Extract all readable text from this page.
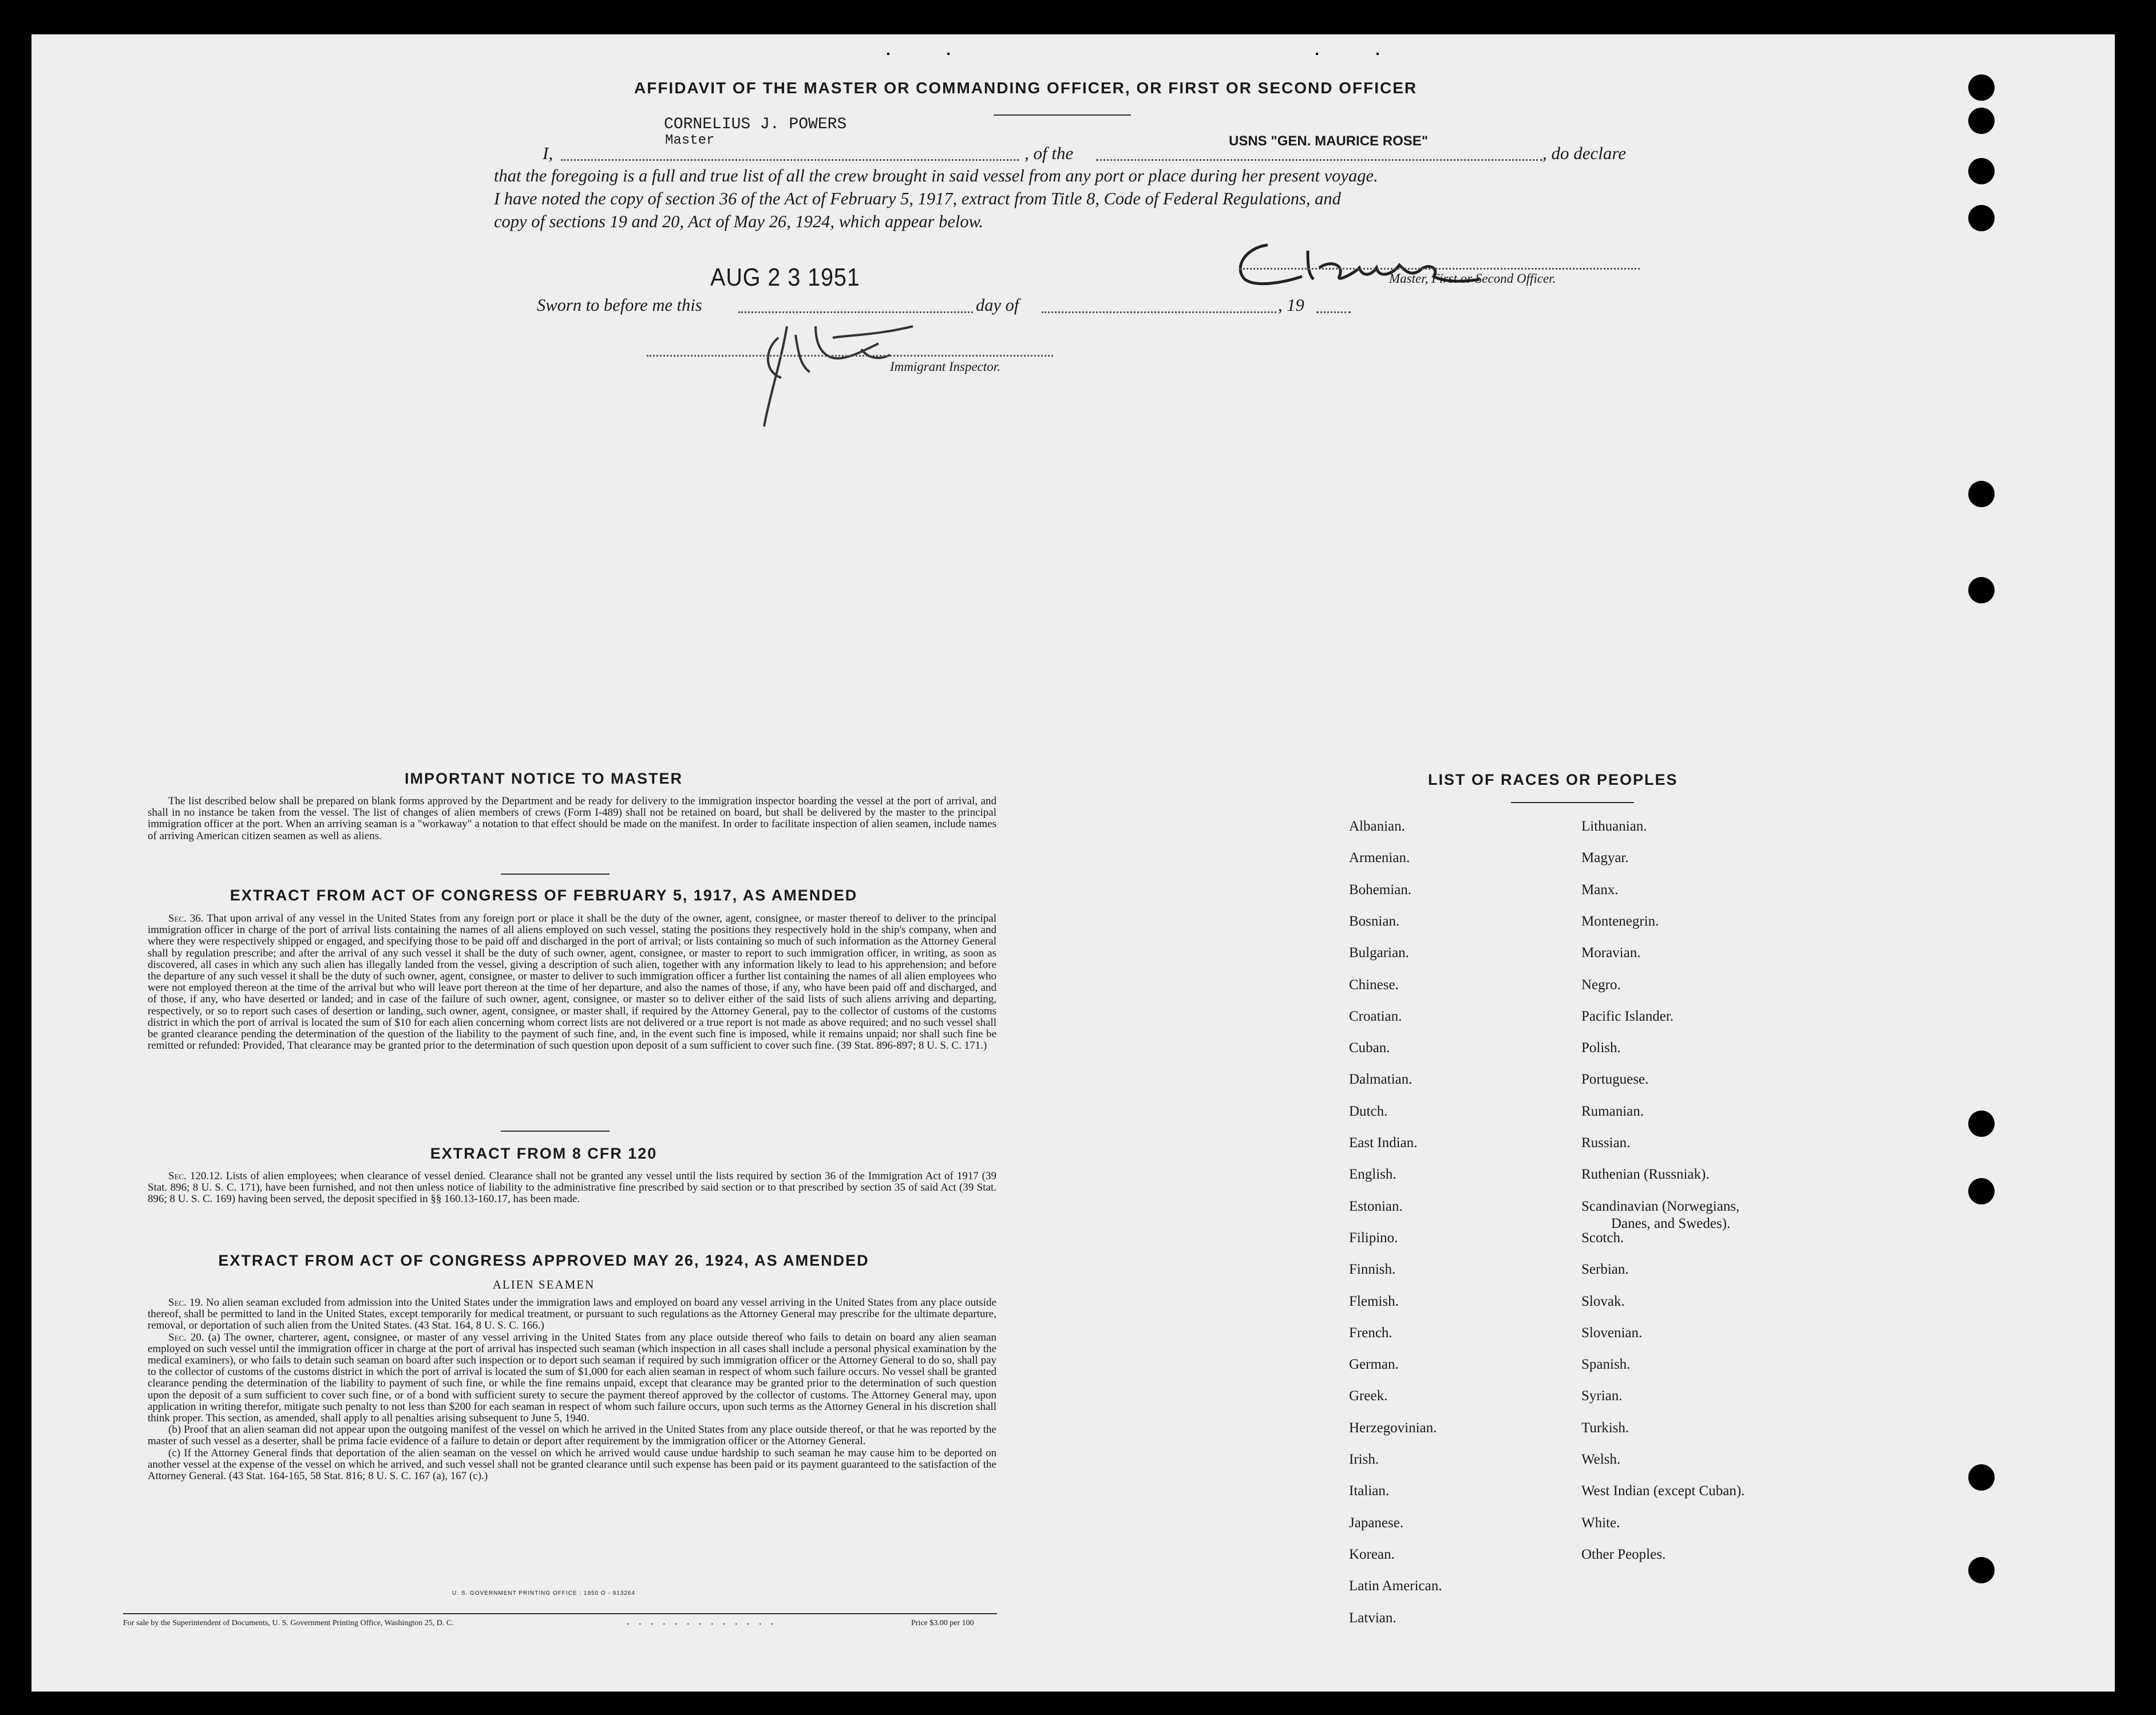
AFFIDAVIT OF THE MASTER OR COMMANDING OFFICER, OR FIRST OR SECOND OFFICER
CORNELIUS J. POWERS
Master	USNS "GEN. MAURICE ROSE"
I,	, of the	, do declare
that the foregoing is a full and true list of all the crew brought in said vessel from any port or place during her present voyage.
I have noted the copy of section 36 of the Act of February 5, 1917, extract from Title 8, Code of Federal Regulations, and
copy of sections 19 and 20, Act of May 26, 1924, which appear below.
Master, First or Second Officer.
AUG 2 3 1951
Sworn to before me this	day of	, 19
Immigrant Inspector.
IMPORTANT NOTICE TO MASTER

The list described below shall be prepared on blank forms approved by the Department and be ready for delivery to the immigration inspector boarding the vessel at the port of arrival, and shall in no instance be taken from the vessel. The list of changes of alien members of crews (Form I-489) shall not be retained on board, but shall be delivered by the master to the principal immigration officer at the port. When an arriving seaman is a "workaway" a notation to that effect should be made on the manifest. In order to facilitate inspection of alien seamen, include names of arriving American citizen seamen as well as aliens.

EXTRACT FROM ACT OF CONGRESS OF FEBRUARY 5, 1917, AS AMENDED

Sec. 36. That upon arrival of any vessel in the United States from any foreign port or place it shall be the duty of the owner, agent, consignee, or master thereof to deliver to the principal immigration officer in charge of the port of arrival lists containing the names of all aliens employed on such vessel, stating the positions they respectively hold in the ship's company, when and where they were respectively shipped or engaged, and specifying those to be paid off and discharged in the port of arrival; or lists containing so much of such information as the Attorney General shall by regulation prescribe; and after the arrival of any such vessel it shall be the duty of such owner, agent, consignee, or master to report to such immigration officer, in writing, as soon as discovered, all cases in which any such alien has illegally landed from the vessel, giving a description of such alien, together with any information likely to lead to his apprehension; and before the departure of any such vessel it shall be the duty of such owner, agent, consignee, or master to deliver to such immigration officer a further list containing the names of all alien employees who were not employed thereon at the time of the arrival but who will leave port thereon at the time of her departure, and also the names of those, if any, who have been paid off and discharged, and of those, if any, who have deserted or landed; and in case of the failure of such owner, agent, consignee, or master so to deliver either of the said lists of such aliens arriving and departing, respectively, or so to report such cases of desertion or landing, such owner, agent, consignee, or master shall, if required by the Attorney General, pay to the collector of customs of the customs district in which the port of arrival is located the sum of $10 for each alien concerning whom correct lists are not delivered or a true report is not made as above required; and no such vessel shall be granted clearance pending the determination of the question of the liability to the payment of such fine, and, in the event such fine is imposed, while it remains unpaid; nor shall such fine be remitted or refunded: Provided, That clearance may be granted prior to the determination of such question upon deposit of a sum sufficient to cover such fine. (39 Stat. 896-897; 8 U. S. C. 171.)

EXTRACT FROM 8 CFR 120

Sec. 120.12. Lists of alien employees; when clearance of vessel denied. Clearance shall not be granted any vessel until the lists required by section 36 of the Immigration Act of 1917 (39 Stat. 896; 8 U. S. C. 171), have been furnished, and not then unless notice of liability to the administrative fine prescribed by said section or to that prescribed by section 35 of said Act (39 Stat. 896; 8 U. S. C. 169) having been served, the deposit specified in §§ 160.13-160.17, has been made.

EXTRACT FROM ACT OF CONGRESS APPROVED MAY 26, 1924, AS AMENDED
ALIEN SEAMEN

Sec. 19. No alien seaman excluded from admission into the United States under the immigration laws and employed on board any vessel arriving in the United States from any place outside thereof, shall be permitted to land in the United States, except temporarily for medical treatment, or pursuant to such regulations as the Attorney General may prescribe for the ultimate departure, removal, or deportation of such alien from the United States. (43 Stat. 164, 8 U. S. C. 166.)

Sec. 20. (a) The owner, charterer, agent, consignee, or master of any vessel arriving in the United States from any place outside thereof who fails to detain on board any alien seaman employed on such vessel until the immigration officer in charge at the port of arrival has inspected such seaman (which inspection in all cases shall include a personal physical examination by the medical examiners), or who fails to detain such seaman on board after such inspection or to deport such seaman if required by such immigration officer or the Attorney General to do so, shall pay to the collector of customs of the customs district in which the port of arrival is located the sum of $1,000 for each alien seaman in respect of whom such failure occurs. No vessel shall be granted clearance pending the determination of the liability to payment of such fine, or while the fine remains unpaid, except that clearance may be granted prior to the determination of such question upon the deposit of a sum sufficient to cover such fine, or of a bond with sufficient surety to secure the payment thereof approved by the collector of customs. The Attorney General may, upon application in writing therefor, mitigate such penalty to not less than $200 for each seaman in respect of whom such failure occurs, upon such terms as the Attorney General in his discretion shall think proper. This section, as amended, shall apply to all penalties arising subsequent to June 5, 1940.

(b) Proof that an alien seaman did not appear upon the outgoing manifest of the vessel on which he arrived in the United States from any place outside thereof, or that he was reported by the master of such vessel as a deserter, shall be prima facie evidence of a failure to detain or deport after requirement by the immigration officer or the Attorney General.

(c) If the Attorney General finds that deportation of the alien seaman on the vessel on which he arrived would cause undue hardship to such seaman he may cause him to be deported on another vessel at the expense of the vessel on which he arrived, and such vessel shall not be granted clearance until such expense has been paid or its payment guaranteed to the satisfaction of the Attorney General. (43 Stat. 164-165, 58 Stat. 816; 8 U. S. C. 167 (a), 167 (c).)

U. S. GOVERNMENT PRINTING OFFICE : 1950 O - 913264
For sale by the Superintendent of Documents, U. S. Government Printing Office, Washington 25, D. C.	. . . . . . . . . . . . .	Price $3.00 per 100
LIST OF RACES OR PEOPLES
Albanian.
Armenian.
Bohemian.
Bosnian.
Bulgarian.
Chinese.
Croatian.
Cuban.
Dalmatian.
Dutch.
East Indian.
English.
Estonian.
Filipino.
Finnish.
Flemish.
French.
German.
Greek.
Herzegovinian.
Irish.
Italian.
Japanese.
Korean.
Latin American.
Latvian.
Lithuanian.
Magyar.
Manx.
Montenegrin.
Moravian.
Negro.
Pacific Islander.
Polish.
Portuguese.
Rumanian.
Russian.
Ruthenian (Russniak).
Scandinavian (Norwegians,
Danes, and Swedes).
Scotch.
Serbian.
Slovak.
Slovenian.
Spanish.
Syrian.
Turkish.
Welsh.
West Indian (except Cuban).
White.
Other Peoples.
